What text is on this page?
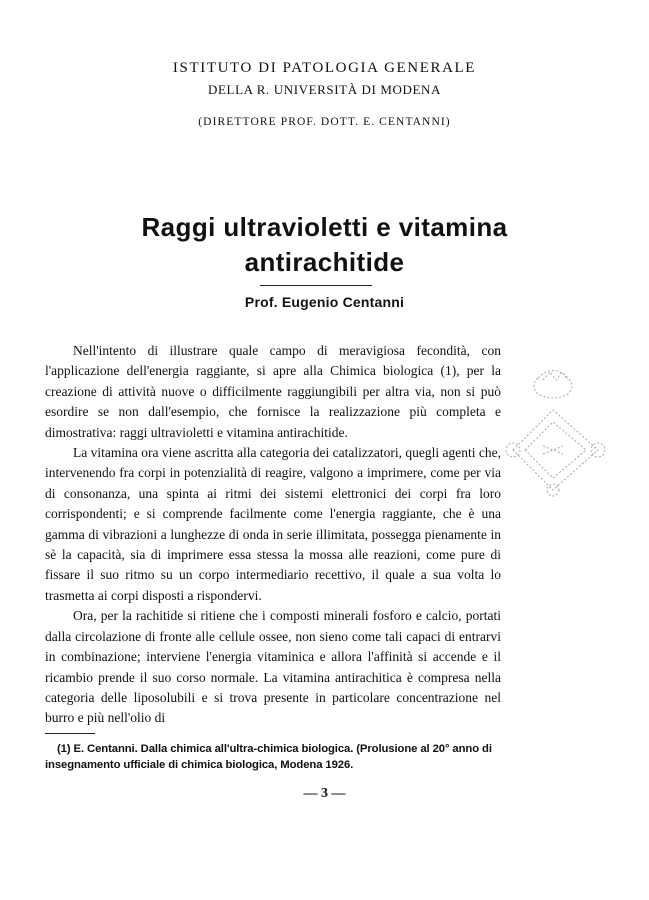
ISTITUTO DI PATOLOGIA GENERALE
DELLA R. UNIVERSITÀ DI MODENA
(DIRETTORE PROF. DOTT. E. CENTANNI)
Raggi ultravioletti e vitamina
antirachitide
Prof. Eugenio Centanni

Nell'intento di illustrare quale campo di meravigiosa fecondità, con l'applicazione dell'energia raggiante, si apre alla Chimica biologica (1), per la creazione di attività nuove o difficilmente raggiungibili per altra via, non si può esordire se non dall'esempio, che fornisce la realizzazione più completa e dimostrativa: raggi ultravioletti e vitamina antirachitide.

La vitamina ora viene ascritta alla categoria dei catalizzatori, quegli agenti che, intervenendo fra corpi in potenzialità di reagire, valgono a imprimere, come per via di consonanza, una spinta ai ritmi dei sistemi elettronici dei corpi fra loro corrispondenti; e si comprende facilmente come l'energia raggiante, che è una gamma di vibrazioni a lunghezze di onda in serie illimitata, possegga pienamente in sè la capacità, sia di imprimere essa stessa la mossa alle reazioni, come pure di fissare il suo ritmo su un corpo intermediario recettivo, il quale a sua volta lo trasmetta ai corpi disposti a rispondervi.

Ora, per la rachitide si ritiene che i composti minerali fosforo e calcio, portati dalla circolazione di fronte alle cellule ossee, non sieno come tali capaci di entrarvi in combinazione; interviene l'energia vitaminica e allora l'affinità si accende e il ricambio prende il suo corso normale. La vitamina antirachitica è compresa nella categoria delle liposolubili e si trova presente in particolare concentrazione nel burro e più nell'olio di

(1) E. Centanni. Dalla chimica all'ultra-chimica biologica. (Prolusione al 20° anno di insegnamento ufficiale di chimica biologica, Modena 1926.
— 3 —
